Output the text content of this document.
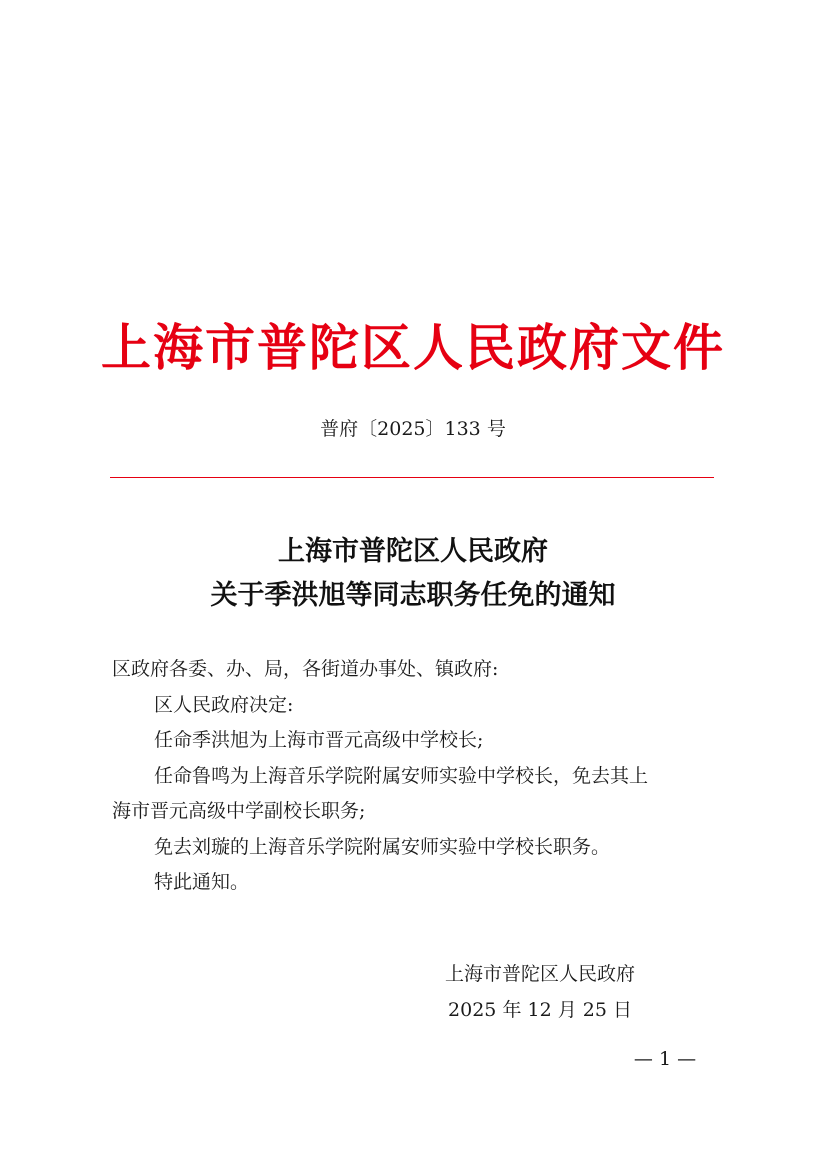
上海市普陀区人民政府文件
普府〔2025〕133 号
上海市普陀区人民政府
关于季洪旭等同志职务任免的通知

区政府各委、办、局，各街道办事处、镇政府:

区人民政府决定:

任命季洪旭为上海市晋元高级中学校长;

任命鲁鸣为上海音乐学院附属安师实验中学校长，免去其上

海市晋元高级中学副校长职务;

免去刘璇的上海音乐学院附属安师实验中学校长职务。

特此通知。

上海市普陀区人民政府
2025 年 12 月 25 日
— 1 —
